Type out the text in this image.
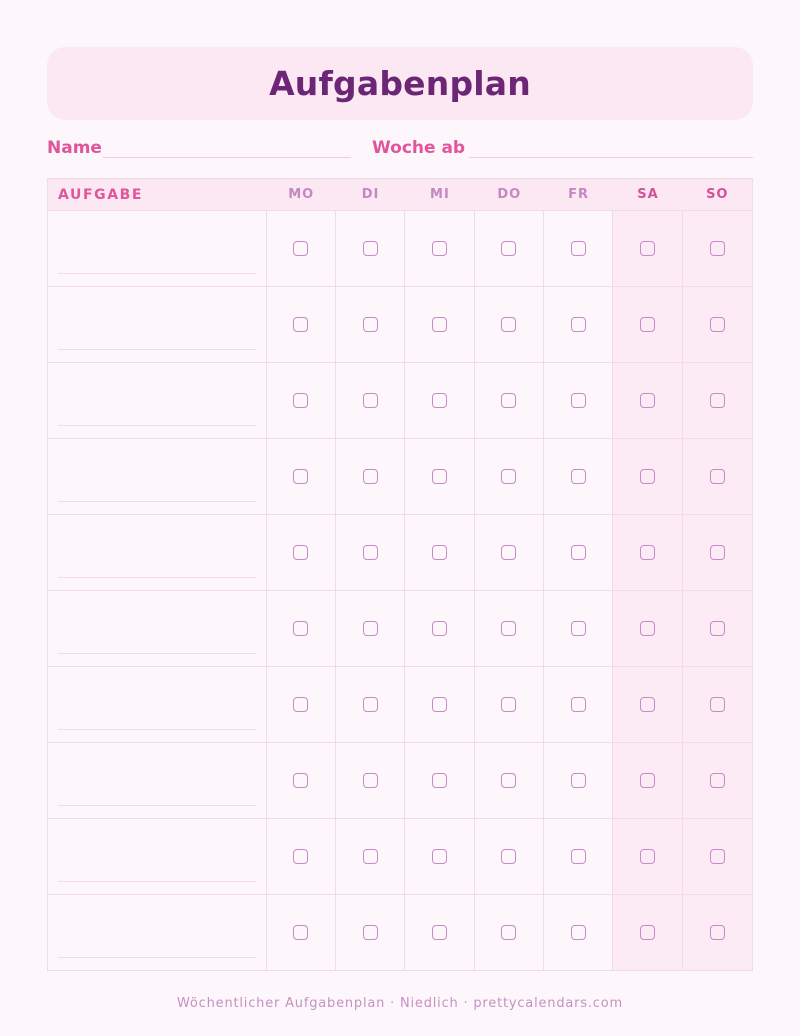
Aufgabenplan
Name	Woche ab
AUFGABE	MO	DI	MI	DO	FR	SA	SO
Wöchentlicher Aufgabenplan · Niedlich · prettycalendars.com
